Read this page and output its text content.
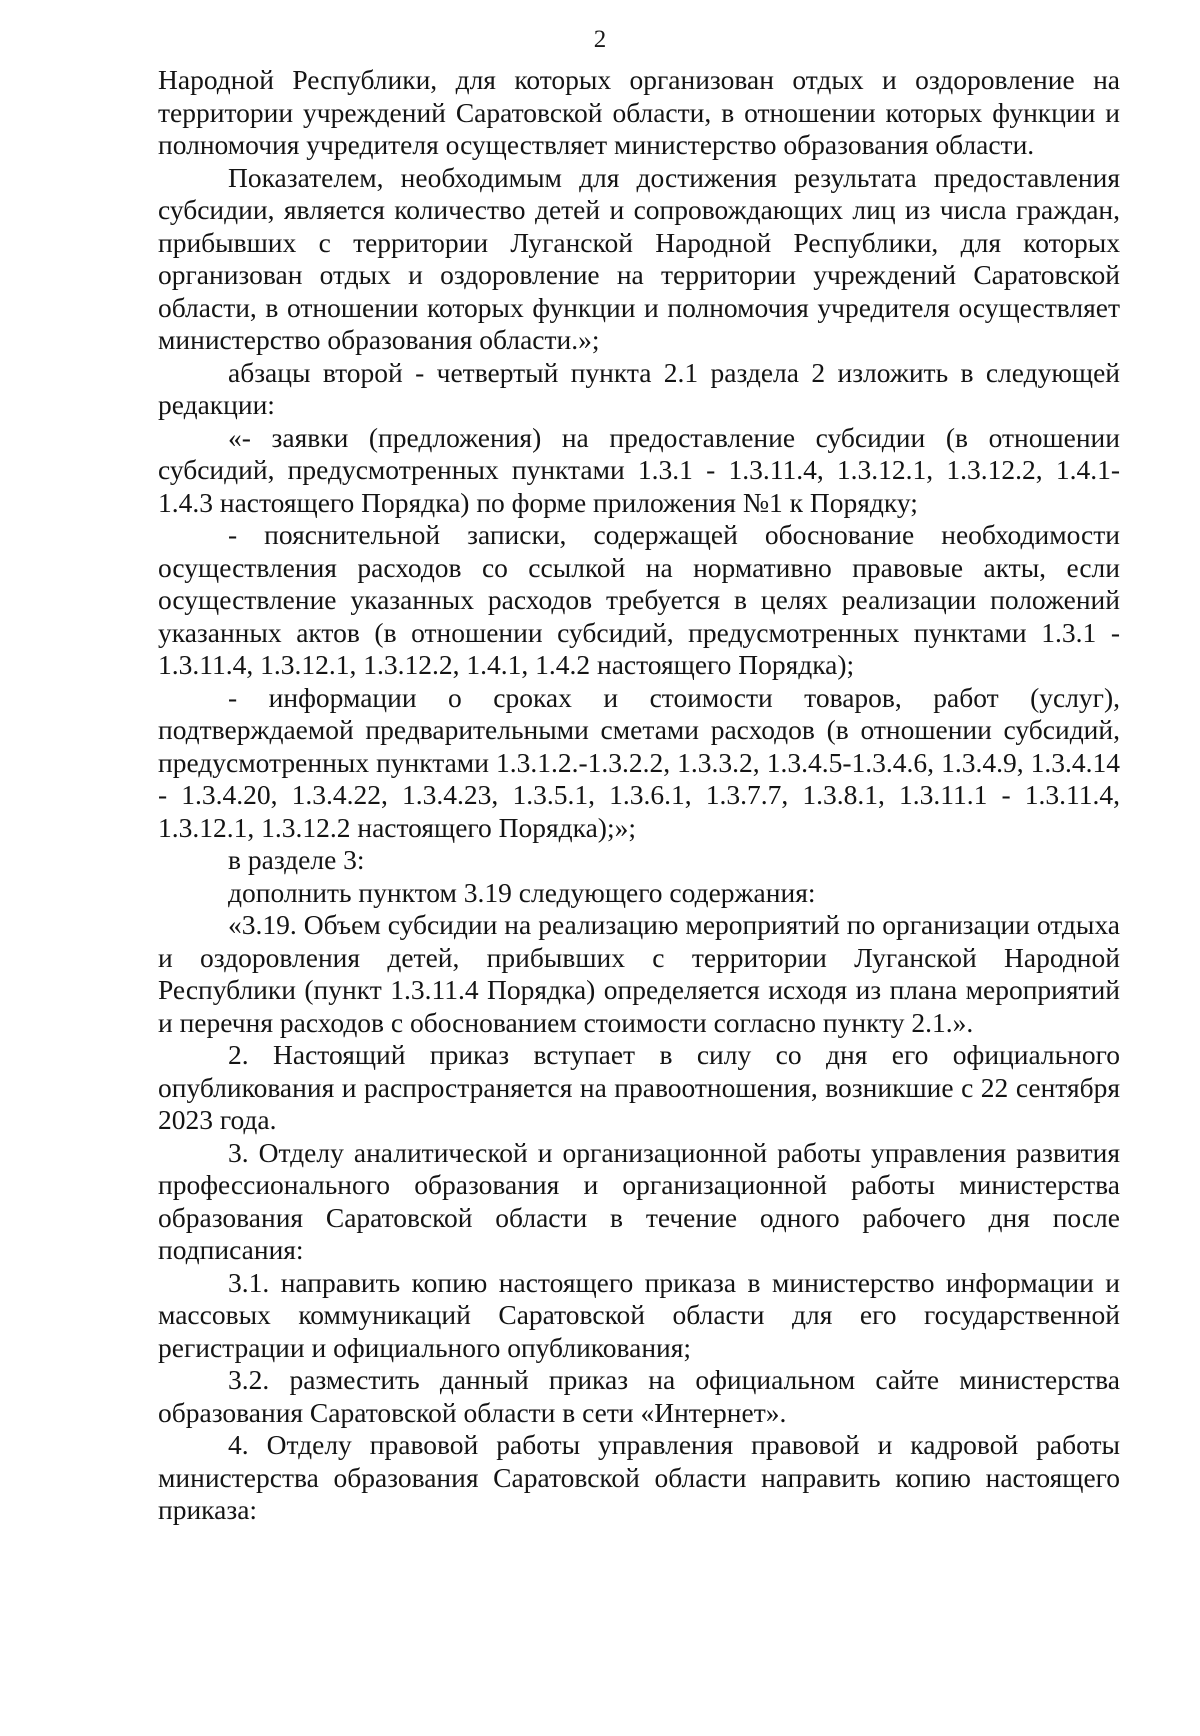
2

Народной Республики, для которых организован отдых и оздоровление на территории учреждений Саратовской области, в отношении которых функции и полномочия учредителя осуществляет министерство образования области.

Показателем, необходимым для достижения результата предоставления субсидии, является количество детей и сопровождающих лиц из числа граждан, прибывших с территории Луганской Народной Республики, для которых организован отдых и оздоровление на территории учреждений Саратовской области, в отношении которых функции и полномочия учредителя осуществляет министерство образования области.»;

абзацы второй - четвертый пункта 2.1 раздела 2 изложить в следующей редакции:

«- заявки (предложения) на предоставление субсидии (в отношении субсидий, предусмотренных пунктами 1.3.1 - 1.3.11.4, 1.3.12.1, 1.3.12.2, 1.4.1-1.4.3 настоящего Порядка) по форме приложения №1 к Порядку;

- пояснительной записки, содержащей обоснование необходимости осуществления расходов со ссылкой на нормативно правовые акты, если осуществление указанных расходов требуется в целях реализации положений указанных актов (в отношении субсидий, предусмотренных пунктами 1.3.1 - 1.3.11.4, 1.3.12.1, 1.3.12.2, 1.4.1, 1.4.2 настоящего Порядка);

- информации о сроках и стоимости товаров, работ (услуг), подтверждаемой предварительными сметами расходов (в отношении субсидий, предусмотренных пунктами 1.3.1.2.-1.3.2.2, 1.3.3.2, 1.3.4.5-1.3.4.6, 1.3.4.9, 1.3.4.14 - 1.3.4.20, 1.3.4.22, 1.3.4.23, 1.3.5.1, 1.3.6.1, 1.3.7.7, 1.3.8.1, 1.3.11.1 - 1.3.11.4, 1.3.12.1, 1.3.12.2 настоящего Порядка);»;

в разделе 3:

дополнить пунктом 3.19 следующего содержания:

«3.19. Объем субсидии на реализацию мероприятий по организации отдыха и оздоровления детей, прибывших с территории Луганской Народной Республики (пункт 1.3.11.4 Порядка) определяется исходя из плана мероприятий и перечня расходов с обоснованием стоимости согласно пункту 2.1.».

2. Настоящий приказ вступает в силу со дня его официального опубликования и распространяется на правоотношения, возникшие с 22 сентября 2023 года.

3. Отделу аналитической и организационной работы управления развития профессионального образования и организационной работы министерства образования Саратовской области в течение одного рабочего дня после подписания:

3.1. направить копию настоящего приказа в министерство информации и массовых коммуникаций Саратовской области для его государственной регистрации и официального опубликования;

3.2. разместить данный приказ на официальном сайте министерства образования Саратовской области в сети «Интернет».

4. Отделу правовой работы управления правовой и кадровой работы министерства образования Саратовской области направить копию настоящего приказа:
